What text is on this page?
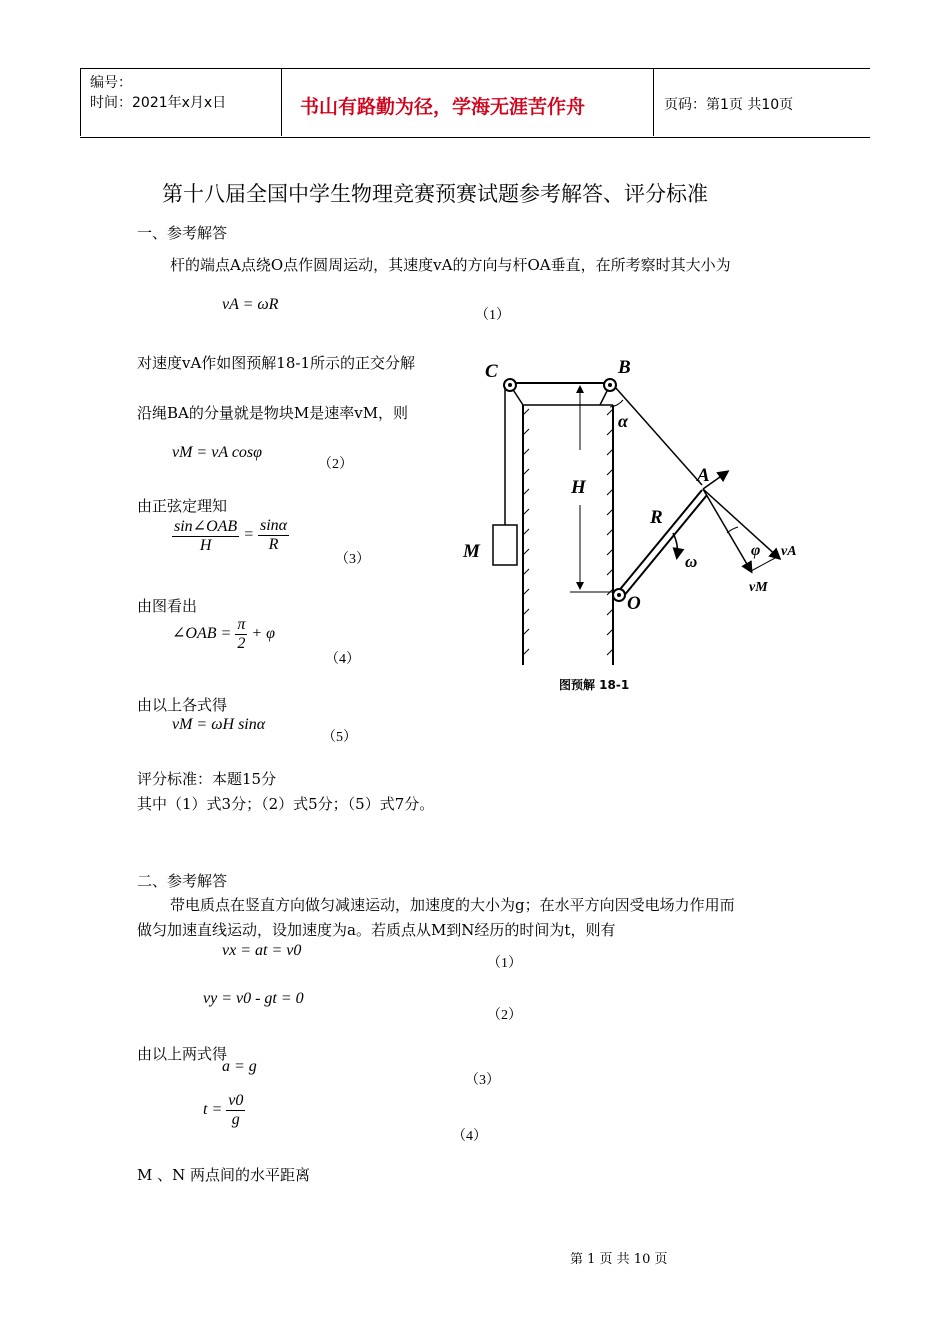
编号：
时间：2021年x月x日	书山有路勤为径，学海无涯苦作舟	页码：第1页 共10页
第十八届全国中学生物理竞赛预赛试题参考解答、评分标准
一、参考解答
杆的端点A点绕O点作圆周运动，其速度vA的方向与杆OA垂直，在所考察时其大小为
vA = ωR
（1）
对速度vA作如图预解18-1所示的正交分解
沿绳BA的分量就是物块M是速率vM，则
vM = vA cosφ
（2）
由正弦定理知
$\frac{\text{sin∠OAB}}{H} = \frac{\sin\alpha}{R}$
（3）
由图看出
∠OAB = $\frac{\pi}{2} + \varphi$
（4）
由以上各式得
vM = ωH sinα
（5）
评分标准：本题15分
其中（1）式3分；（2）式5分；（5）式7分。
C	B
α
H
A
R
M	ω
O
φ vA
vM
图预解 18-1
二、参考解答
带电质点在竖直方向做匀减速运动，加速度的大小为g；在水平方向因受电场力作用而
做匀加速直线运动，设加速度为a。若质点从M到N经历的时间为t，则有
vx = at = v0
（1）
vy = v0 - gt = 0
（2）
由以上两式得
a = g
（3）
$t = \frac{v0}{g}$
（4）
M 、N 两点间的水平距离
第 1 页 共 10 页
